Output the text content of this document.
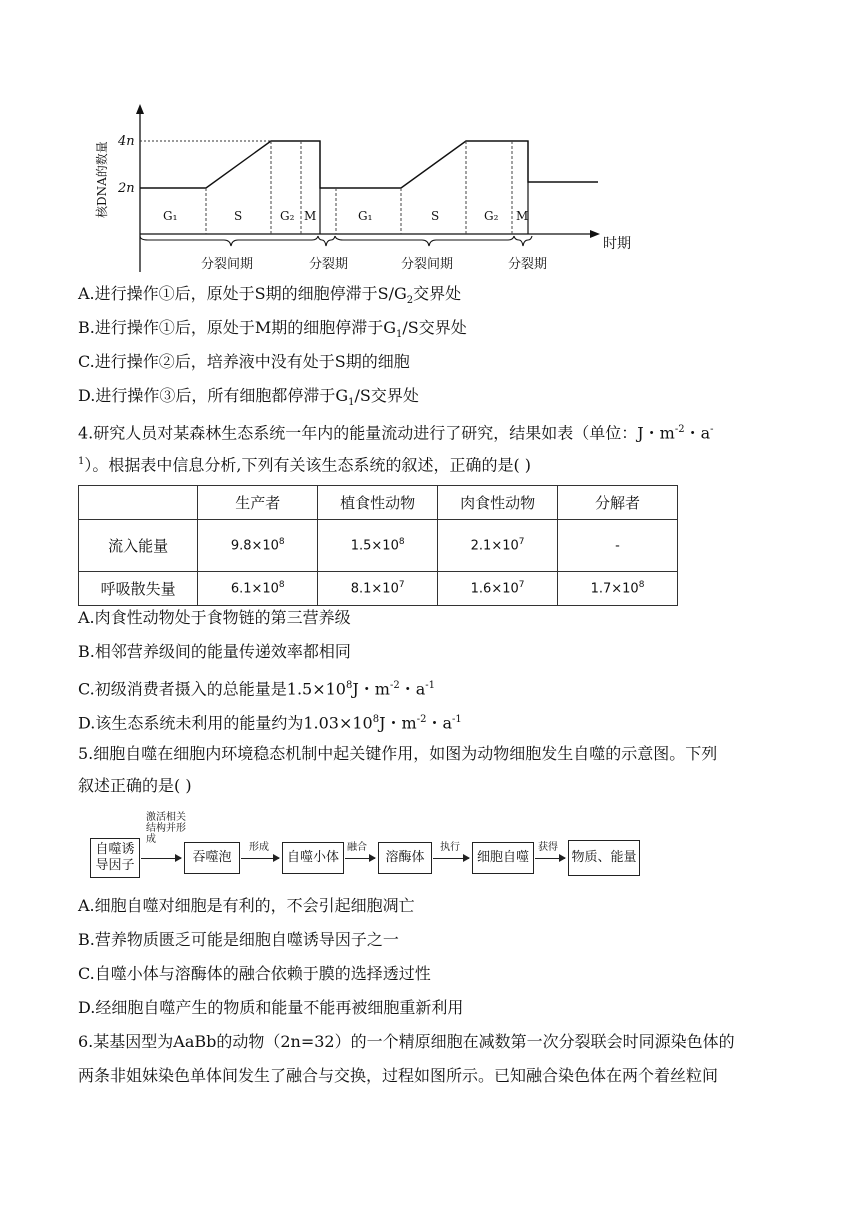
核DNA的数量 4n
2n
时期
G₁	S	G₂ M	G₁	S	G₂ M
分裂间期	分裂期	分裂间期	分裂期
A.进行操作①后，原处于S期的细胞停滞于$S/G_2$交界处
B.进行操作①后，原处于M期的细胞停滞于$G_1/S$交界处
C.进行操作②后，培养液中没有处于S期的细胞
D.进行操作③后，所有细胞都停滞于$G_1/S$交界处
4.研究人员对某森林生态系统一年内的能量流动进行了研究，结果如表（单位：J・$m^{-2}$・a-
$^1$）。根据表中信息分析,下列有关该生态系统的叙述，正确的是( )
	生产者	植食性动物	肉食性动物	分解者
流入能量	$9.8\times 10^8$	$1.5\times 10^8$	$2.1\times 10^7$	-
呼吸散失量	$6.1\times 10^8$	$8.1\times 10^7$	$1.6\times 10^7$	$1.7\times 10^8$
A.肉食性动物处于食物链的第三营养级
B.相邻营养级间的能量传递效率都相同
C.初级消费者摄入的总能量是$1.5\times 10^8J$・$m^{-2}$・$a^{-1}$
D.该生态系统未利用的能量约为$1.03\times 10^8J$・$m^{-2}$・$a^{-1}$
5.细胞自噬在细胞内环境稳态机制中起关键作用，如图为动物细胞发生自噬的示意图。下列
叙述正确的是( )
自噬诱导因子
激活相关结构并形成
吞噬泡
形成
自噬小体
融合
溶酶体
执行
细胞自噬
获得
物质、能量
A.细胞自噬对细胞是有利的，不会引起细胞凋亡
B.营养物质匮乏可能是细胞自噬诱导因子之一
C.自噬小体与溶酶体的融合依赖于膜的选择透过性
D.经细胞自噬产生的物质和能量不能再被细胞重新利用
6.某基因型为AaBb的动物（2n=32）的一个精原细胞在减数第一次分裂联会时同源染色体的
两条非姐妹染色单体间发生了融合与交换，过程如图所示。已知融合染色体在两个着丝粒间
